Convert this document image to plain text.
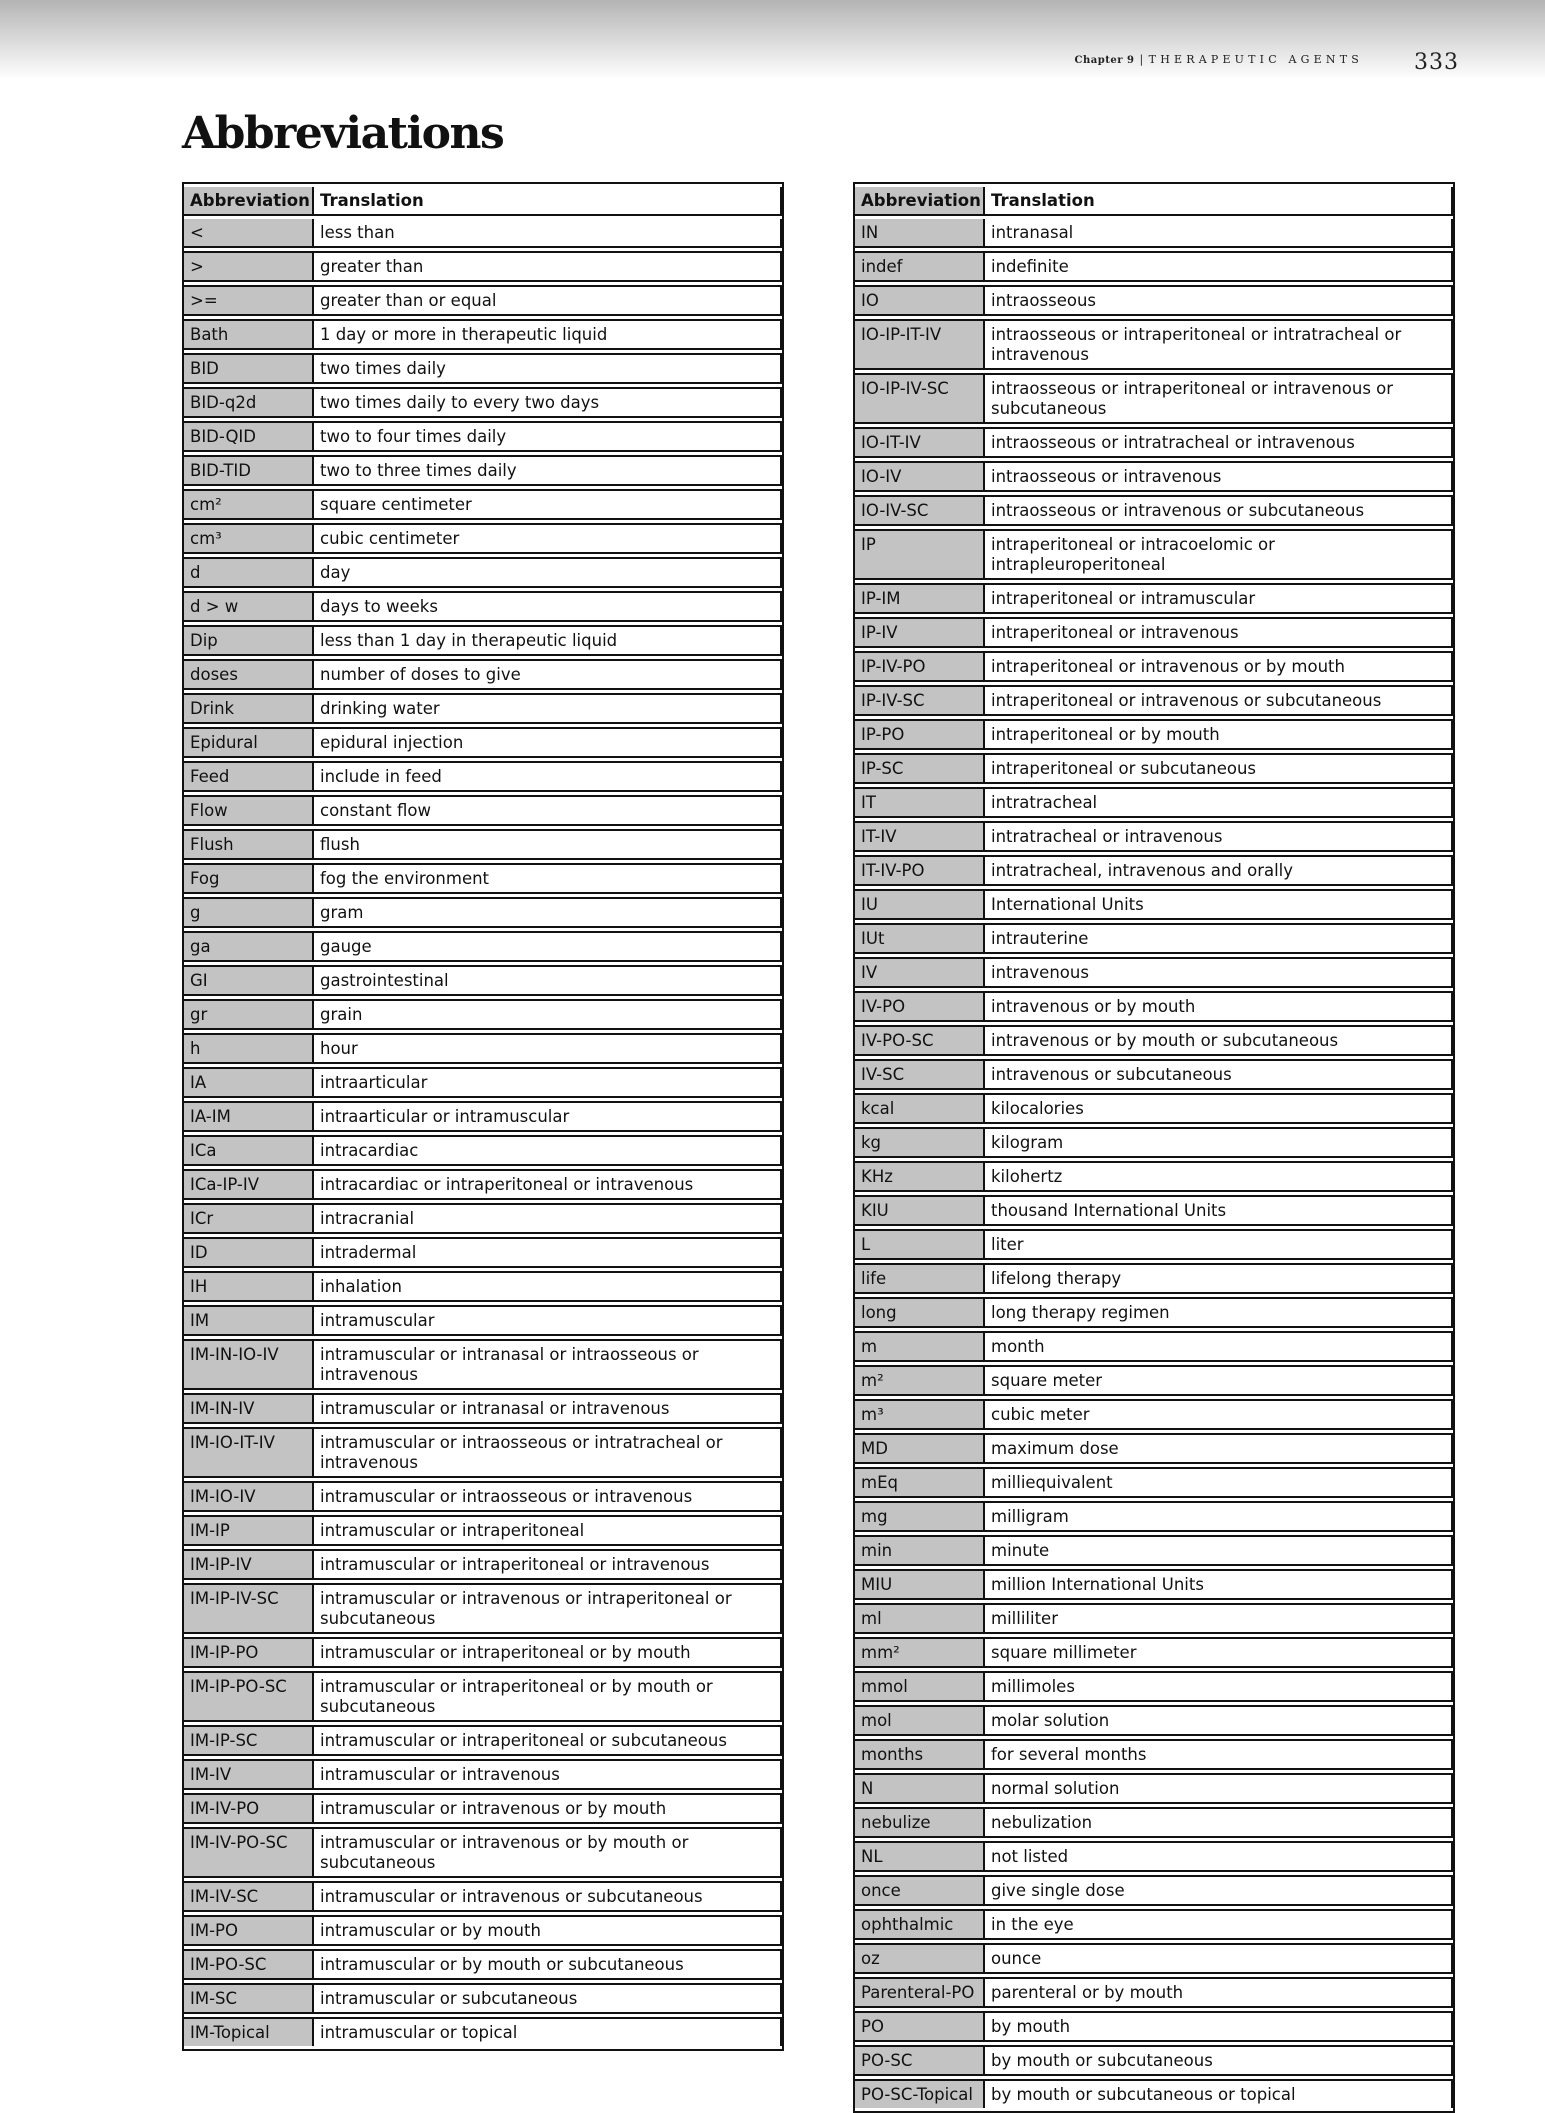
Chapter 9 | THERAPEUTIC AGENTS 333
Abbreviations
Abbreviation	Translation
<	less than
>	greater than
>=	greater than or equal
Bath	1 day or more in therapeutic liquid
BID	two times daily
BID-q2d	two times daily to every two days
BID-QID	two to four times daily
BID-TID	two to three times daily
cm²	square centimeter
cm³	cubic centimeter
d	day
d > w	days to weeks
Dip	less than 1 day in therapeutic liquid
doses	number of doses to give
Drink	drinking water
Epidural	epidural injection
Feed	include in feed
Flow	constant flow
Flush	flush
Fog	fog the environment
g	gram
ga	gauge
GI	gastrointestinal
gr	grain
h	hour
IA	intraarticular
IA-IM	intraarticular or intramuscular
ICa	intracardiac
ICa-IP-IV	intracardiac or intraperitoneal or intravenous
ICr	intracranial
ID	intradermal
IH	inhalation
IM	intramuscular
IM-IN-IO-IV	intramuscular or intranasal or intraosseous or intravenous
IM-IN-IV	intramuscular or intranasal or intravenous
IM-IO-IT-IV	intramuscular or intraosseous or intratracheal or intravenous
IM-IO-IV	intramuscular or intraosseous or intravenous
IM-IP	intramuscular or intraperitoneal
IM-IP-IV	intramuscular or intraperitoneal or intravenous
IM-IP-IV-SC	intramuscular or intravenous or intraperitoneal or subcutaneous
IM-IP-PO	intramuscular or intraperitoneal or by mouth
IM-IP-PO-SC	intramuscular or intraperitoneal or by mouth or subcutaneous
IM-IP-SC	intramuscular or intraperitoneal or subcutaneous
IM-IV	intramuscular or intravenous
IM-IV-PO	intramuscular or intravenous or by mouth
IM-IV-PO-SC	intramuscular or intravenous or by mouth or subcutaneous
IM-IV-SC	intramuscular or intravenous or subcutaneous
IM-PO	intramuscular or by mouth
IM-PO-SC	intramuscular or by mouth or subcutaneous
IM-SC	intramuscular or subcutaneous
IM-Topical	intramuscular or topical
Abbreviation	Translation
IN	intranasal
indef	indefinite
IO	intraosseous
IO-IP-IT-IV	intraosseous or intraperitoneal or intratracheal or intravenous
IO-IP-IV-SC	intraosseous or intraperitoneal or intravenous or subcutaneous
IO-IT-IV	intraosseous or intratracheal or intravenous
IO-IV	intraosseous or intravenous
IO-IV-SC	intraosseous or intravenous or subcutaneous
IP	intraperitoneal or intracoelomic or intrapleuroperitoneal
IP-IM	intraperitoneal or intramuscular
IP-IV	intraperitoneal or intravenous
IP-IV-PO	intraperitoneal or intravenous or by mouth
IP-IV-SC	intraperitoneal or intravenous or subcutaneous
IP-PO	intraperitoneal or by mouth
IP-SC	intraperitoneal or subcutaneous
IT	intratracheal
IT-IV	intratracheal or intravenous
IT-IV-PO	intratracheal, intravenous and orally
IU	International Units
IUt	intrauterine
IV	intravenous
IV-PO	intravenous or by mouth
IV-PO-SC	intravenous or by mouth or subcutaneous
IV-SC	intravenous or subcutaneous
kcal	kilocalories
kg	kilogram
KHz	kilohertz
KIU	thousand International Units
L	liter
life	lifelong therapy
long	long therapy regimen
m	month
m²	square meter
m³	cubic meter
MD	maximum dose
mEq	milliequivalent
mg	milligram
min	minute
MIU	million International Units
ml	milliliter
mm²	square millimeter
mmol	millimoles
mol	molar solution
months	for several months
N	normal solution
nebulize	nebulization
NL	not listed
once	give single dose
ophthalmic	in the eye
oz	ounce
Parenteral-PO	parenteral or by mouth
PO	by mouth
PO-SC	by mouth or subcutaneous
PO-SC-Topical	by mouth or subcutaneous or topical
